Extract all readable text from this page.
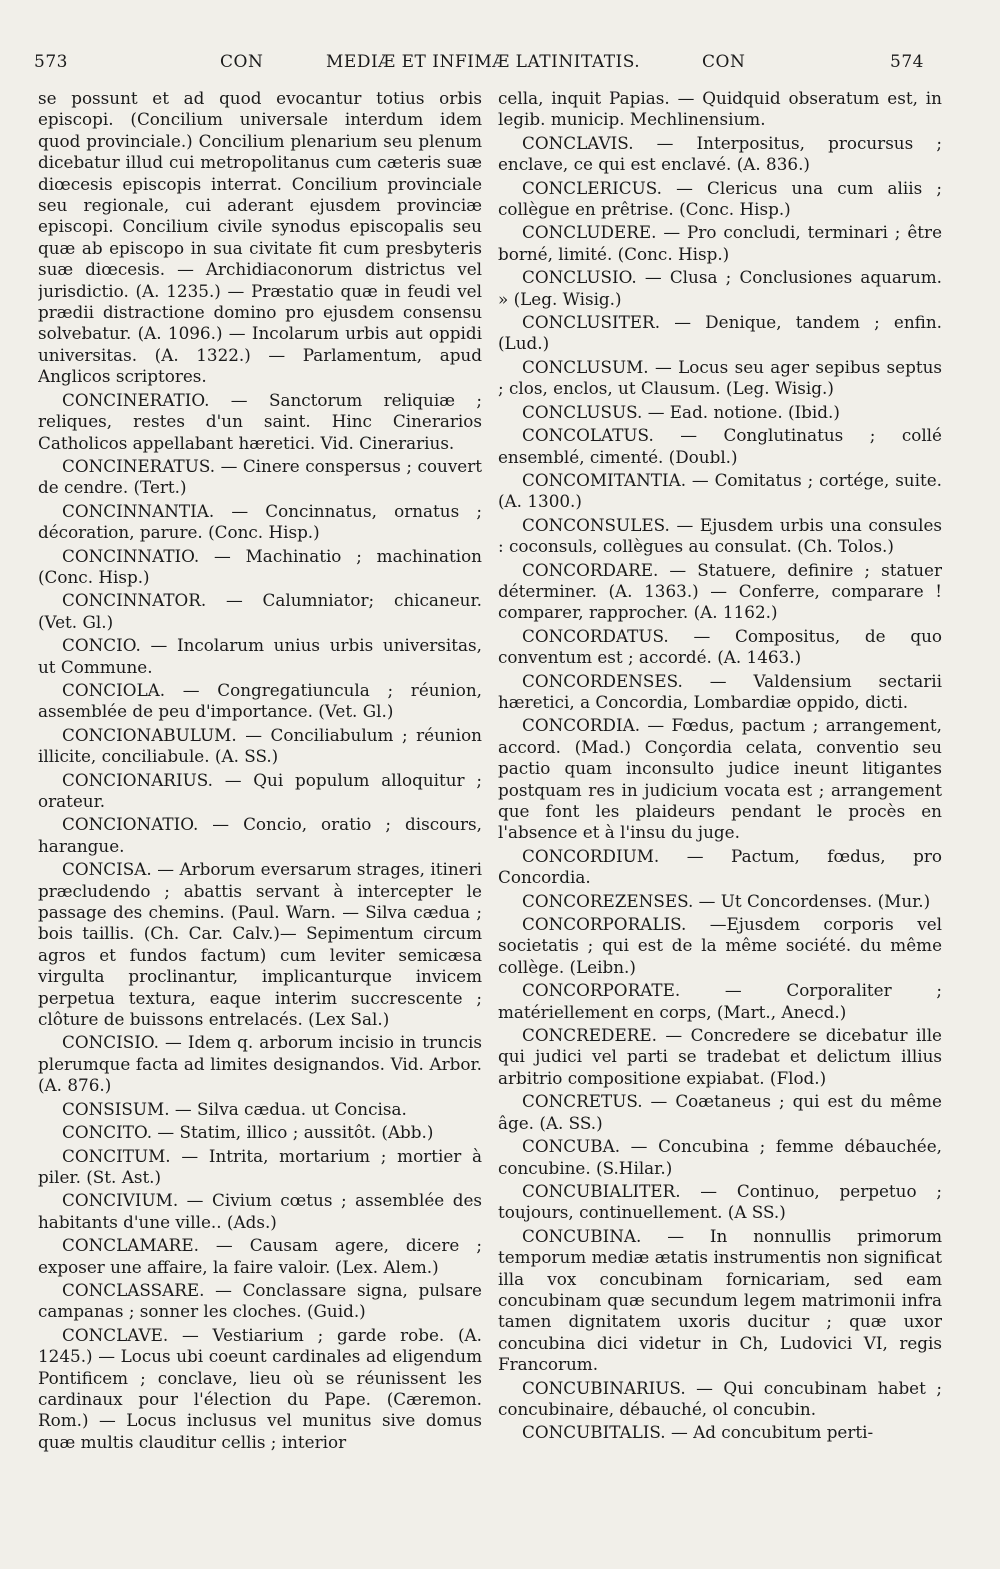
573	CON	MEDIÆ ET INFIMÆ LATINITATIS.	CON	574

se possunt et ad quod evocantur totius orbis episcopi. (Concilium universale interdum idem quod provinciale.) Concilium plenarium seu plenum dicebatur illud cui metropolitanus cum cæteris suæ diœcesis episcopis interrat. Concilium provinciale seu regionale, cui aderant ejusdem provinciæ episcopi. Concilium civile synodus episcopalis seu quæ ab episcopo in sua civitate fit cum presbyteris suæ diœcesis. — Archidiaconorum districtus vel jurisdictio. (A. 1235.) — Præstatio quæ in feudi vel prædii distractione domino pro ejusdem consensu solvebatur. (A. 1096.) — Incolarum urbis aut oppidi universitas. (A. 1322.) — Parlamentum, apud Anglicos scriptores.

CONCINERATIO. — Sanctorum reliquiæ ; reliques, restes d'un saint. Hinc Cinerarios Catholicos appellabant hæretici. Vid. Cinerarius.

CONCINERATUS. — Cinere conspersus ; couvert de cendre. (Tert.)

CONCINNANTIA. — Concinnatus, ornatus ; décoration, parure. (Conc. Hisp.)

CONCINNATIO. — Machinatio ; machination (Conc. Hisp.)

CONCINNATOR. — Calumniator; chicaneur. (Vet. Gl.)

CONCIO. — Incolarum unius urbis universitas, ut Commune.

CONCIOLA. — Congregatiuncula ; réunion, assemblée de peu d'importance. (Vet. Gl.)

CONCIONABULUM. — Conciliabulum ; réunion illicite, conciliabule. (A. SS.)

CONCIONARIUS. — Qui populum alloquitur ; orateur.

CONCIONATIO. — Concio, oratio ; discours, harangue.

CONCISA. — Arborum eversarum strages, itineri præcludendo ; abattis servant à intercepter le passage des chemins. (Paul. Warn. — Silva cædua ; bois taillis. (Ch. Car. Calv.)— Sepimentum circum agros et fundos factum) cum leviter semicæsa virgulta proclinantur, implicanturque invicem perpetua textura, eaque interim succrescente ; clôture de buissons entrelacés. (Lex Sal.)

CONCISIO. — Idem q. arborum incisio in truncis plerumque facta ad limites designandos. Vid. Arbor. (A. 876.)

CONSISUM. — Silva cædua. ut Concisa.

CONCITO. — Statim, illico ; aussitôt. (Abb.)

CONCITUM. — Intrita, mortarium ; mortier à piler. (St. Ast.)

CONCIVIUM. — Civium cœtus ; assemblée des habitants d'une ville.. (Ads.)

CONCLAMARE. — Causam agere, dicere ; exposer une affaire, la faire valoir. (Lex. Alem.)

CONCLASSARE. — Conclassare signa, pulsare campanas ; sonner les cloches. (Guid.)

CONCLAVE. — Vestiarium ; garde robe. (A. 1245.) — Locus ubi coeunt cardinales ad eligendum Pontificem ; conclave, lieu où se réunissent les cardinaux pour l'élection du Pape. (Cæremon. Rom.) — Locus inclusus vel munitus sive domus quæ multis clauditur cellis ; interior

cella, inquit Papias. — Quidquid obseratum est, in legib. municip. Mechlinensium.

CONCLAVIS. — Interpositus, procursus ; enclave, ce qui est enclavé. (A. 836.)

CONCLERICUS. — Clericus una cum aliis ; collègue en prêtrise. (Conc. Hisp.)

CONCLUDERE. — Pro concludi, terminari ; être borné, limité. (Conc. Hisp.)

CONCLUSIO. — Clusa ; Conclusiones aquarum. » (Leg. Wisig.)

CONCLUSITER. — Denique, tandem ; enfin. (Lud.)

CONCLUSUM. — Locus seu ager sepibus septus ; clos, enclos, ut Clausum. (Leg. Wisig.)

CONCLUSUS. — Ead. notione. (Ibid.)

CONCOLATUS. — Conglutinatus ; collé ensemblé, cimenté. (Doubl.)

CONCOMITANTIA. — Comitatus ; cortége, suite. (A. 1300.)

CONCONSULES. — Ejusdem urbis una consules : coconsuls, collègues au consulat. (Ch. Tolos.)

CONCORDARE. — Statuere, definire ; statuer déterminer. (A. 1363.) — Conferre, comparare ! comparer, rapprocher. (A. 1162.)

CONCORDATUS. — Compositus, de quo conventum est ; accordé. (A. 1463.)

CONCORDENSES. — Valdensium sectarii hæretici, a Concordia, Lombardiæ oppido, dicti.

CONCORDIA. — Fœdus, pactum ; arrangement, accord. (Mad.) Conçordia celata, conventio seu pactio quam inconsulto judice ineunt litigantes postquam res in judicium vocata est ; arrangement que font les plaideurs pendant le procès en l'absence et à l'insu du juge.

CONCORDIUM. — Pactum, fœdus, pro Concordia.

CONCOREZENSES. — Ut Concordenses. (Mur.)

CONCORPORALIS. —Ejusdem corporis vel societatis ; qui est de la même société. du même collège. (Leibn.)

CONCORPORATE. — Corporaliter ; matériellement en corps, (Mart., Anecd.)

CONCREDERE. — Concredere se dicebatur ille qui judici vel parti se tradebat et delictum illius arbitrio compositione expiabat. (Flod.)

CONCRETUS. — Coætaneus ; qui est du même âge. (A. SS.)

CONCUBA. — Concubina ; femme débauchée, concubine. (S.Hilar.)

CONCUBIALITER. — Continuo, perpetuo ; toujours, continuellement. (A SS.)

CONCUBINA. — In nonnullis primorum temporum mediæ ætatis instrumentis non significat illa vox concubinam fornicariam, sed eam concubinam quæ secundum legem matrimonii infra tamen dignitatem uxoris ducitur ; quæ uxor concubina dici videtur in Ch, Ludovici VI, regis Francorum.

CONCUBINARIUS. — Qui concubinam habet ; concubinaire, débauché, ol concubin.

CONCUBITALIS. — Ad concubitum perti-
